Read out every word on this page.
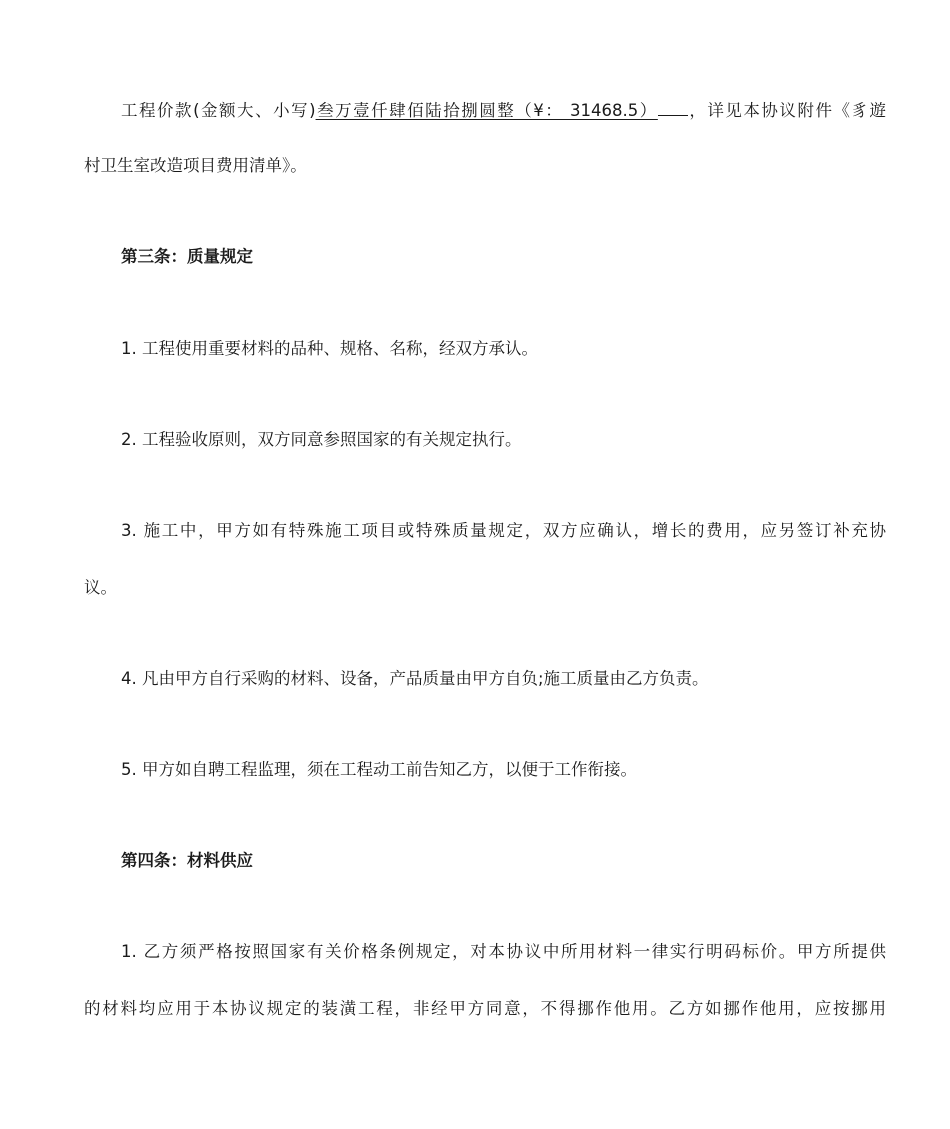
工程价款(金额大、小写)叁万壹仟肆佰陆拾捌圆整（¥： 31468.5） ，详见本协议附件《豸遊
村卫生室改造项目费用清单》。
第三条：质量规定
1. 工程使用重要材料的品种、规格、名称，经双方承认。
2. 工程验收原则，双方同意参照国家的有关规定执行。
3. 施工中，甲方如有特殊施工项目或特殊质量规定，双方应确认，增长的费用，应另签订补充协
议。
4. 凡由甲方自行采购的材料、设备，产品质量由甲方自负;施工质量由乙方负责。
5. 甲方如自聘工程监理，须在工程动工前告知乙方，以便于工作衔接。
第四条：材料供应
1. 乙方须严格按照国家有关价格条例规定，对本协议中所用材料一律实行明码标价。甲方所提供
的材料均应用于本协议规定的装潢工程，非经甲方同意，不得挪作他用。乙方如挪作他用，应按挪用
